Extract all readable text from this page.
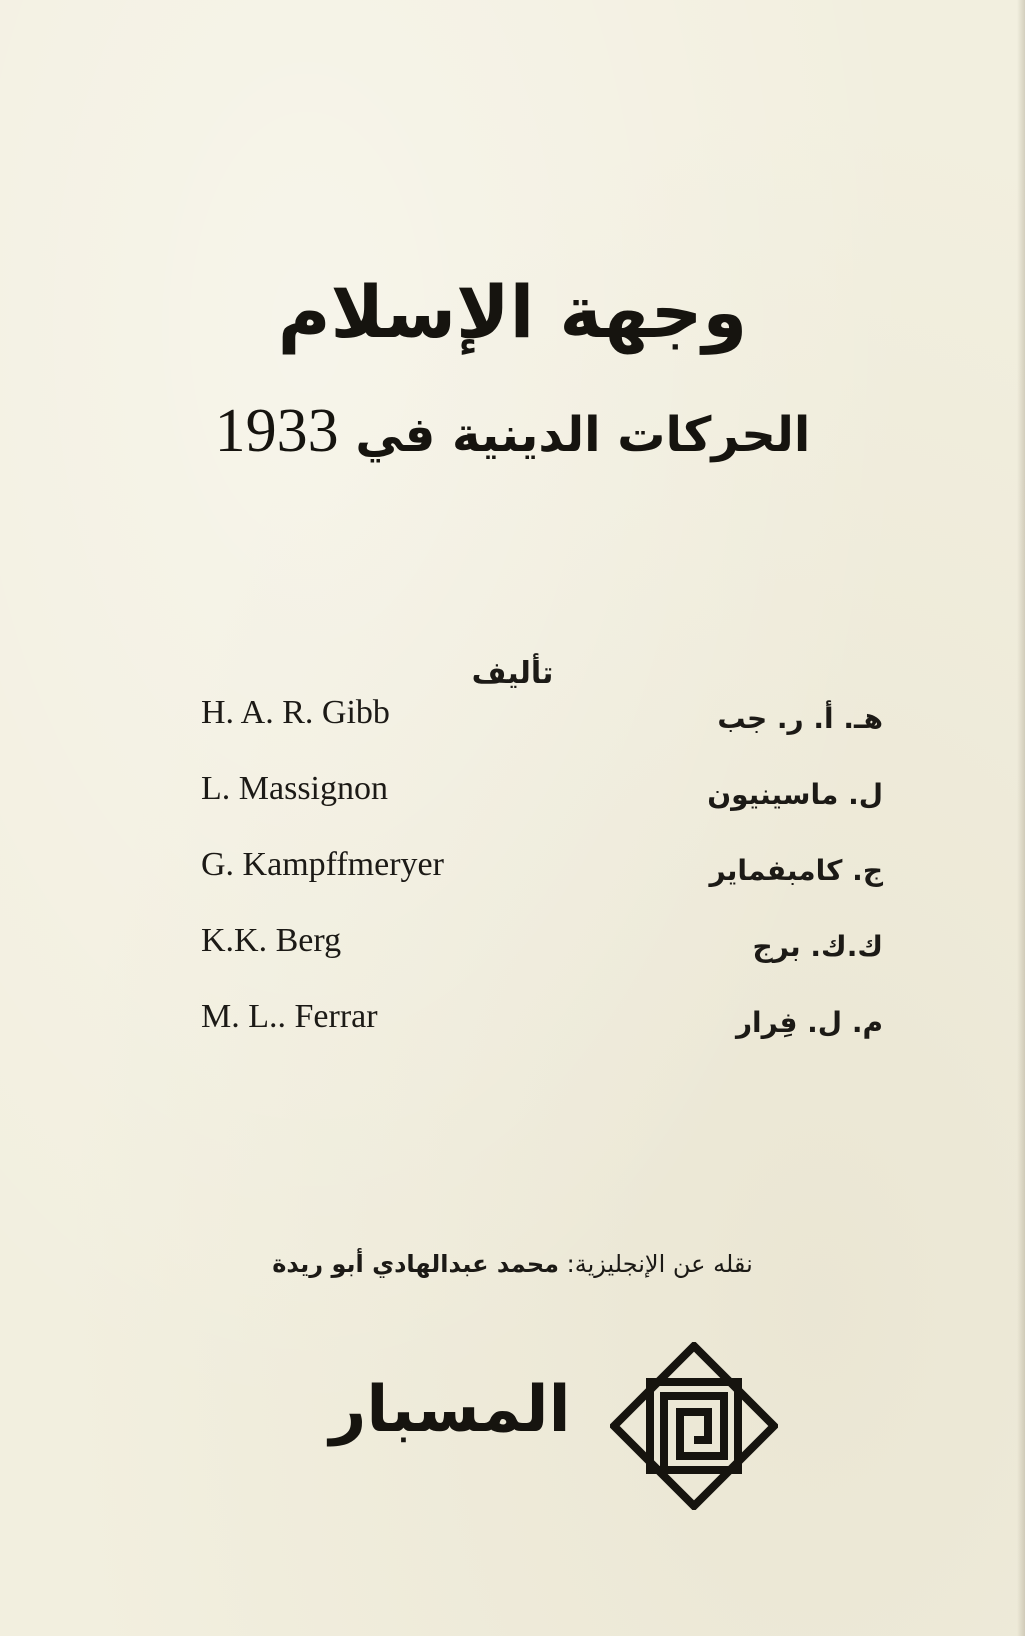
وجهة الإسلام
الحركات الدينية في 1933
تأليف
H. A. R. Gibb	هـ. أ. ر. جب
L. Massignon	ل. ماسينيون
G. Kampffmeryer	ج. كامبفماير
K.K. Berg	ك.ك. برج
M. L.. Ferrar	م. ل. فِرار
نقله عن الإنجليزية: محمد عبدالهادي أبو ريدة
المسبار
